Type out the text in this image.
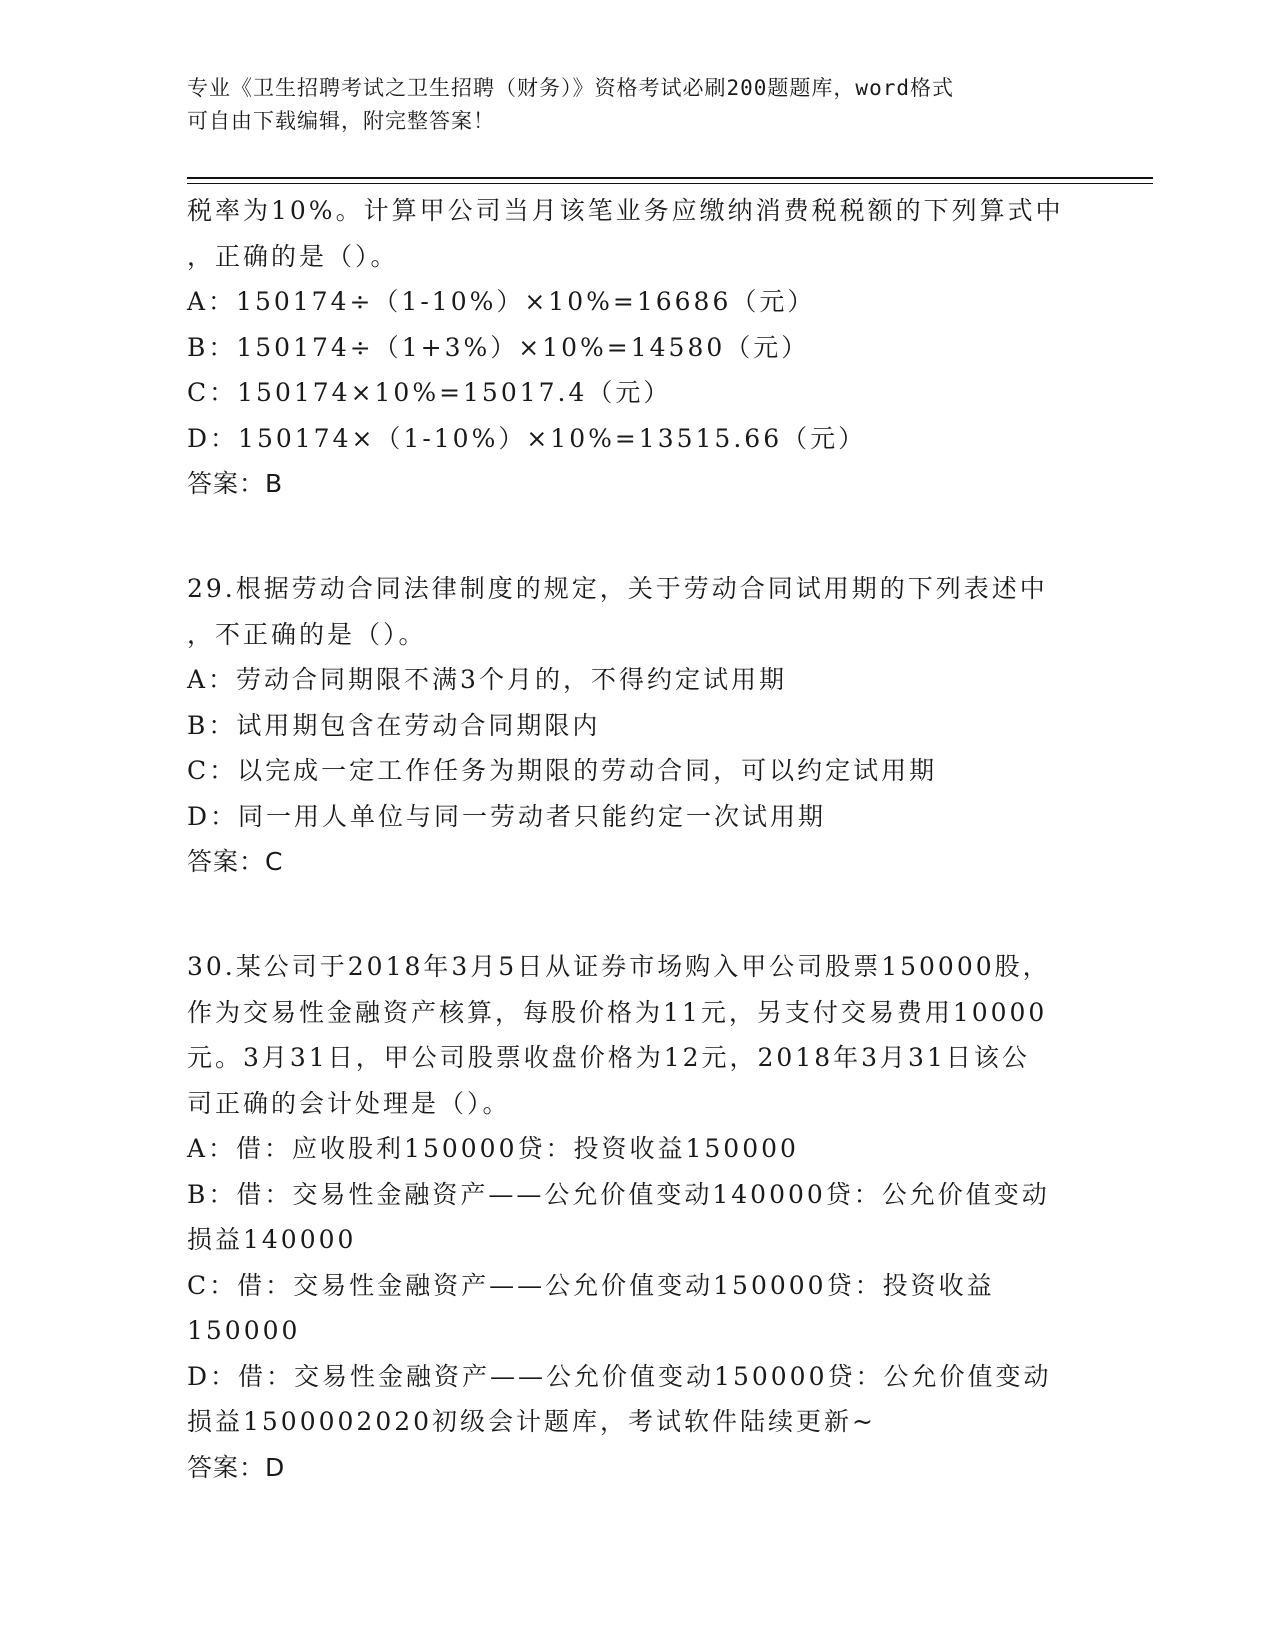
专业《卫生招聘考试之卫生招聘（财务）》资格考试必刷200题题库，word格式
可自由下载编辑，附完整答案！
税率为10%。计算甲公司当月该笔业务应缴纳消费税税额的下列算式中
，正确的是（）。
A：150174÷（1-10%）×10%=16686（元）
B：150174÷（1+3%）×10%=14580（元）
C：150174×10%=15017.4（元）
D：150174×（1-10%）×10%=13515.66（元）
答案：B
29.根据劳动合同法律制度的规定，关于劳动合同试用期的下列表述中
，不正确的是（）。
A：劳动合同期限不满3个月的，不得约定试用期
B：试用期包含在劳动合同期限内
C：以完成一定工作任务为期限的劳动合同，可以约定试用期
D：同一用人单位与同一劳动者只能约定一次试用期
答案：C
30.某公司于2018年3月5日从证券市场购入甲公司股票150000股，
作为交易性金融资产核算，每股价格为11元，另支付交易费用10000
元。3月31日，甲公司股票收盘价格为12元，2018年3月31日该公
司正确的会计处理是（）。
A：借：应收股利150000贷：投资收益150000
B：借：交易性金融资产——公允价值变动140000贷：公允价值变动
损益140000
C：借：交易性金融资产——公允价值变动150000贷：投资收益
150000
D：借：交易性金融资产——公允价值变动150000贷：公允价值变动
损益1500002020初级会计题库，考试软件陆续更新~
答案：D
